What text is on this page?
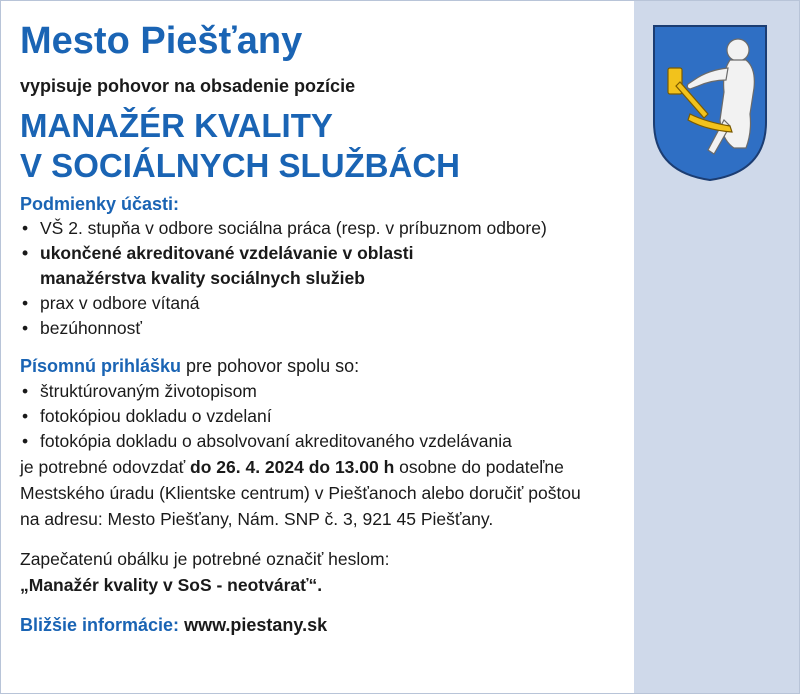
Mesto Piešťany
vypisuje pohovor na obsadenie pozície
MANAŽÉR KVALITY
V SOCIÁLNYCH SLUŽBÁCH
Podmienky účasti:
• VŠ 2. stupňa v odbore sociálna práca (resp. v príbuznom odbore)
• ukončené akreditované vzdelávanie v oblasti
manažérstva kvality sociálnych služieb
• prax v odbore vítaná
• bezúhonnosť
Písomnú prihlášku pre pohovor spolu so:
• štruktúrovaným životopisom
• fotokópiou dokladu o vzdelaní
• fotokópia dokladu o absolvovaní akreditovaného vzdelávania
je potrebné odovzdať do 26. 4. 2024 do 13.00 h osobne do podateľne
Mestského úradu (Klientske centrum) v Piešťanoch alebo doručiť poštou
na adresu: Mesto Piešťany, Nám. SNP č. 3, 921 45 Piešťany.
Zapečatenú obálku je potrebné označiť heslom:
„Manažér kvality v SoS - neotvárať“.
Bližšie informácie: www.piestany.sk
